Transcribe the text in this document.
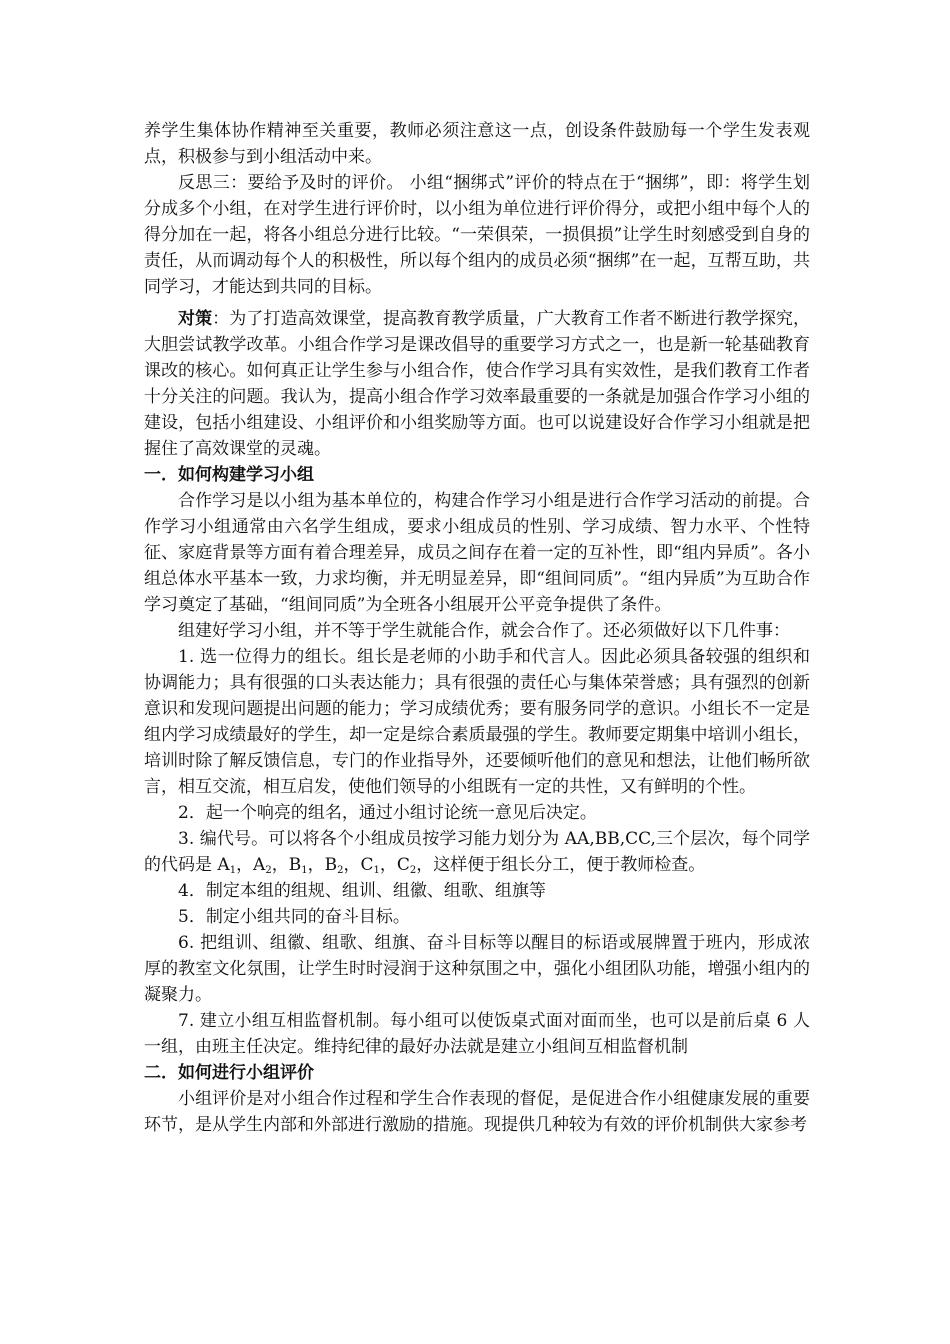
养学生集体协作精神至关重要，教师必须注意这一点，创设条件鼓励每一个学生发表观点，积极参与到小组活动中来。

反思三：要给予及时的评价。 小组“捆绑式”评价的特点在于“捆绑”，即：将学生划分成多个小组，在对学生进行评价时，以小组为单位进行评价得分，或把小组中每个人的得分加在一起，将各小组总分进行比较。“一荣俱荣，一损俱损”让学生时刻感受到自身的责任，从而调动每个人的积极性，所以每个组内的成员必须“捆绑”在一起，互帮互助，共同学习，才能达到共同的目标。

对策：为了打造高效课堂，提高教育教学质量，广大教育工作者不断进行教学探究，大胆尝试教学改革。小组合作学习是课改倡导的重要学习方式之一，也是新一轮基础教育课改的核心。如何真正让学生参与小组合作，使合作学习具有实效性，是我们教育工作者十分关注的问题。我认为，提高小组合作学习效率最重要的一条就是加强合作学习小组的建设，包括小组建设、小组评价和小组奖励等方面。也可以说建设好合作学习小组就是把握住了高效课堂的灵魂。

一．如何构建学习小组

合作学习是以小组为基本单位的，构建合作学习小组是进行合作学习活动的前提。合作学习小组通常由六名学生组成，要求小组成员的性别、学习成绩、智力水平、个性特征、家庭背景等方面有着合理差异，成员之间存在着一定的互补性，即“组内异质”。各小组总体水平基本一致，力求均衡，并无明显差异，即“组间同质”。“组内异质”为互助合作学习奠定了基础，“组间同质”为全班各小组展开公平竞争提供了条件。

组建好学习小组，并不等于学生就能合作，就会合作了。还必须做好以下几件事：

1. 选一位得力的组长。组长是老师的小助手和代言人。因此必须具备较强的组织和协调能力；具有很强的口头表达能力；具有很强的责任心与集体荣誉感；具有强烈的创新意识和发现问题提出问题的能力；学习成绩优秀；要有服务同学的意识。小组长不一定是组内学习成绩最好的学生，却一定是综合素质最强的学生。教师要定期集中培训小组长，培训时除了解反馈信息，专门的作业指导外，还要倾听他们的意见和想法，让他们畅所欲言，相互交流，相互启发，使他们领导的小组既有一定的共性，又有鲜明的个性。

2．起一个响亮的组名，通过小组讨论统一意见后决定。

3. 编代号。可以将各个小组成员按学习能力划分为 AA,BB,CC,三个层次，每个同学的代码是 $A_1$，$A_2$，$B_1$，$B_2$，$C_1$，$C_2$，这样便于组长分工，便于教师检查。

4．制定本组的组规、组训、组徽、组歌、组旗等

5．制定小组共同的奋斗目标。

6. 把组训、组徽、组歌、组旗、奋斗目标等以醒目的标语或展牌置于班内，形成浓厚的教室文化氛围，让学生时时浸润于这种氛围之中，强化小组团队功能，增强小组内的凝聚力。

7. 建立小组互相监督机制。每小组可以使饭桌式面对面而坐，也可以是前后桌 6 人一组，由班主任决定。维持纪律的最好办法就是建立小组间互相监督机制

二．如何进行小组评价

小组评价是对小组合作过程和学生合作表现的督促，是促进合作小组健康发展的重要环节，是从学生内部和外部进行激励的措施。现提供几种较为有效的评价机制供大家参考
